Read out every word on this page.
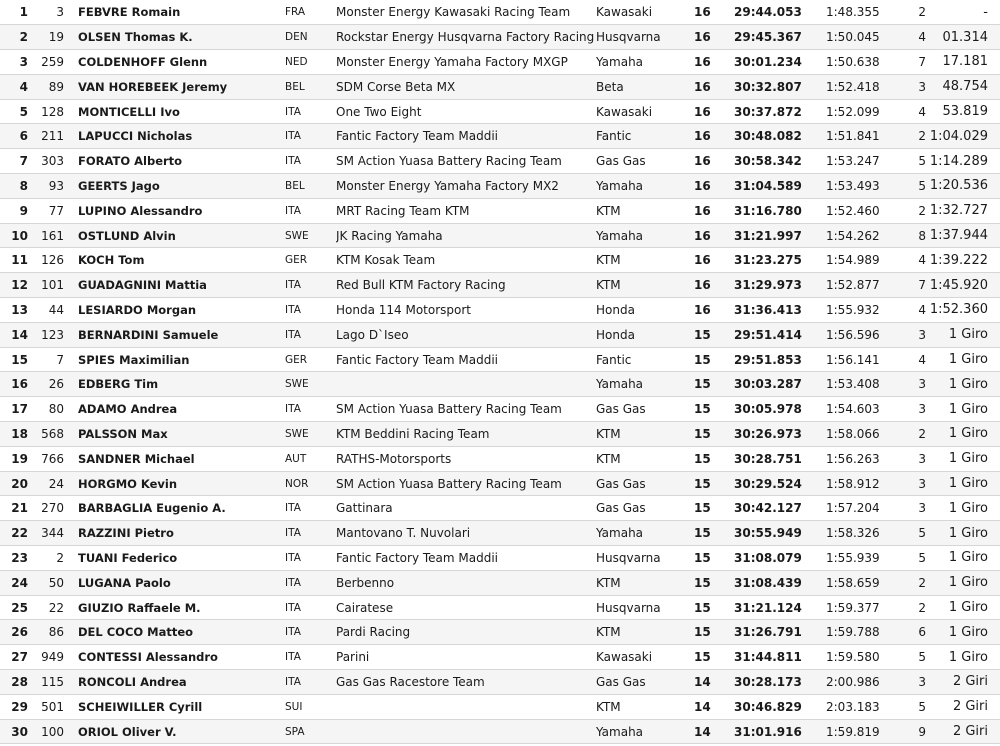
1	3	FEBVRE Romain	FRA	Monster Energy Kawasaki Racing Team	Kawasaki	16	29:44.053	1:48.355	2	-
2	19	OLSEN Thomas K.	DEN	Rockstar Energy Husqvarna Factory Racing	Husqvarna	16	29:45.367	1:50.045	4	01.314
3	259	COLDENHOFF Glenn	NED	Monster Energy Yamaha Factory MXGP	Yamaha	16	30:01.234	1:50.638	7	17.181
4	89	VAN HOREBEEK Jeremy	BEL	SDM Corse Beta MX	Beta	16	30:32.807	1:52.418	3	48.754
5	128	MONTICELLI Ivo	ITA	One Two Eight	Kawasaki	16	30:37.872	1:52.099	4	53.819
6	211	LAPUCCI Nicholas	ITA	Fantic Factory Team Maddii	Fantic	16	30:48.082	1:51.841	2	1:04.029
7	303	FORATO Alberto	ITA	SM Action Yuasa Battery Racing Team	Gas Gas	16	30:58.342	1:53.247	5	1:14.289
8	93	GEERTS Jago	BEL	Monster Energy Yamaha Factory MX2	Yamaha	16	31:04.589	1:53.493	5	1:20.536
9	77	LUPINO Alessandro	ITA	MRT Racing Team KTM	KTM	16	31:16.780	1:52.460	2	1:32.727
10	161	OSTLUND Alvin	SWE	JK Racing Yamaha	Yamaha	16	31:21.997	1:54.262	8	1:37.944
11	126	KOCH Tom	GER	KTM Kosak Team	KTM	16	31:23.275	1:54.989	4	1:39.222
12	101	GUADAGNINI Mattia	ITA	Red Bull KTM Factory Racing	KTM	16	31:29.973	1:52.877	7	1:45.920
13	44	LESIARDO Morgan	ITA	Honda 114 Motorsport	Honda	16	31:36.413	1:55.932	4	1:52.360
14	123	BERNARDINI Samuele	ITA	Lago D`Iseo	Honda	15	29:51.414	1:56.596	3	1 Giro
15	7	SPIES Maximilian	GER	Fantic Factory Team Maddii	Fantic	15	29:51.853	1:56.141	4	1 Giro
16	26	EDBERG Tim	SWE		Yamaha	15	30:03.287	1:53.408	3	1 Giro
17	80	ADAMO Andrea	ITA	SM Action Yuasa Battery Racing Team	Gas Gas	15	30:05.978	1:54.603	3	1 Giro
18	568	PALSSON Max	SWE	KTM Beddini Racing Team	KTM	15	30:26.973	1:58.066	2	1 Giro
19	766	SANDNER Michael	AUT	RATHS-Motorsports	KTM	15	30:28.751	1:56.263	3	1 Giro
20	24	HORGMO Kevin	NOR	SM Action Yuasa Battery Racing Team	Gas Gas	15	30:29.524	1:58.912	3	1 Giro
21	270	BARBAGLIA Eugenio A.	ITA	Gattinara	Gas Gas	15	30:42.127	1:57.204	3	1 Giro
22	344	RAZZINI Pietro	ITA	Mantovano T. Nuvolari	Yamaha	15	30:55.949	1:58.326	5	1 Giro
23	2	TUANI Federico	ITA	Fantic Factory Team Maddii	Husqvarna	15	31:08.079	1:55.939	5	1 Giro
24	50	LUGANA Paolo	ITA	Berbenno	KTM	15	31:08.439	1:58.659	2	1 Giro
25	22	GIUZIO Raffaele M.	ITA	Cairatese	Husqvarna	15	31:21.124	1:59.377	2	1 Giro
26	86	DEL COCO Matteo	ITA	Pardi Racing	KTM	15	31:26.791	1:59.788	6	1 Giro
27	949	CONTESSI Alessandro	ITA	Parini	Kawasaki	15	31:44.811	1:59.580	5	1 Giro
28	115	RONCOLI Andrea	ITA	Gas Gas Racestore Team	Gas Gas	14	30:28.173	2:00.986	3	2 Giri
29	501	SCHEIWILLER Cyrill	SUI		KTM	14	30:46.829	2:03.183	5	2 Giri
30	100	ORIOL Oliver V.	SPA		Yamaha	14	31:01.916	1:59.819	9	2 Giri
